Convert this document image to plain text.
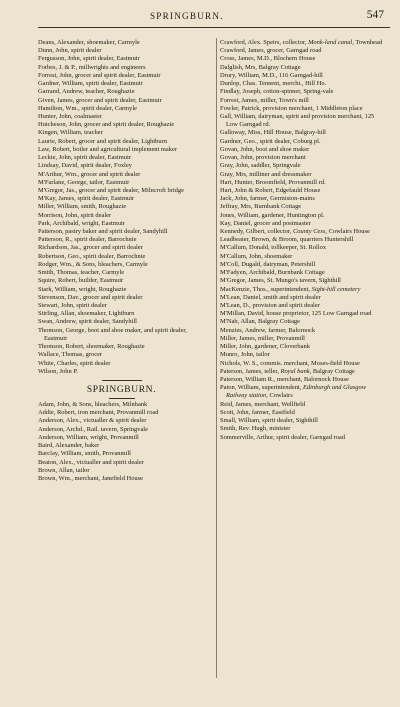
SPRINGBURN.	547
Deans, Alexander, shoemaker, Carmyle
Dunn, John, spirit dealer
Fergusson, John, spirit dealer, Eastmuir
Forbes, J. & P., millwrights and engineers
Forrest, John, grocer and spirit dealer, Eastmuir
Gardner, William, spirit dealer, Eastmuir
Garrand, Andrew, teacher, Roughazie
Given, James, grocer and spirit dealer, Eastmuir
Hamilton, Wm., spirit dealer, Carmyle
Hunter, John, coalmaster
Hutcheson, John, grocer and spirit dealer, Roughazie
Kingen, William, teacher
Laurie, Robert, grocer and spirit dealer, Lightburn
Law, Robert, boiler and agricultural implement maker
Leckie, John, spirit dealer, Eastmuir
Lindsay, David, spirit dealer, Foxley
M'Arthur, Wm., grocer and spirit dealer
M'Farlane, George, tailor, Eastmuir
M'Gregor, Jas., grocer and spirit dealer, Milncroft bridge
M'Kay, James, spirit dealer, Eastmuir
Miller, William, smith, Roughazie
Morrison, John, spirit dealer
Park, Archibald, wright, Eastmuir
Patterson, pastry baker and spirit dealer, Sandyhill
Patterson, R., spirit dealer, Barrochnie
Richardson, Jas., grocer and spirit dealer
Robertson, Geo., spirit dealer, Barrochnie
Rodger, Wm., & Sons, bleachers, Carmyle
Smith, Thomas, teacher, Carmyle
Squire, Robert, builder, Eastmuir
Stark, William, wright, Roughazie
Stevenson, Dav., grocer and spirit dealer
Stewart, John, spirit dealer
Stirling, Allan, shoemaker, Lightburn
Swan, Andrew, spirit dealer, Sandyhill
Thomson, George, boot and shoe maker, and spirit dealer, Eastmuir
Thomson, Robert, shoemaker, Roughazie
Wallace, Thomas, grocer
White, Charles, spirit dealer
Wilson, John P.
SPRINGBURN.
Adam, John, & Sons, bleachers, Milnbank
Addie, Robert, iron merchant, Provanmill road
Anderson, Alex., victualler & spirit dealer
Anderson, Archd., Rail. tavern, Springvale
Anderson, William, wright, Provanmill
Baird, Alexander, baker
Barclay, William, smith, Provanmill
Beaton, Alex., victualler and spirit dealer
Brown, Allan, tailor
Brown, Wm., merchant, Janefield House
Crawford, Alex. Speirs, collector, Monk-land canal, Townhead
Crawford, James, grocer, Garngad road
Cross, James, M.D., Blochern House
Dalglish, Mrs, Balgray Cottage
Drury, William, M.D., 116 Garngad-hill
Dunlop, Chas. Tennent, mercht., Hill Ho.
Findlay, Joseph, cotton-spinner, Spring-vale
Forrest, James, miller, Town's mill
Fowler, Patrick, provision merchant, 1 Middleton place
Gall, William, dairyman, spirit and provision merchant, 125 Low Garngad rd.
Galloway, Miss, Hill House, Balgray-hill
Gardner, Geo., spirit dealer, Coburg pl.
Govan, John, boot and shoe maker
Govan, John, provision merchant
Gray, John, saddler, Springvale
Gray, Mrs, milliner and dressmaker
Hart, Hunter, Broomfield, Provanmill rd.
Hart, John & Robert, Edgefauld House
Jack, John, farmer, Germiston-mains
Jeffray, Mrs, Burnbank Cottage
Jones, William, gardener, Huntington pl.
Kay, Daniel, grocer and postmaster
Kennedy, Gilbert, collector, County Cess, Cowlairs House
Leadbeater, Brown, & Broom, quarriers Huntershill
M'Callum, Donald, tollkeeper, St. Rollox
M'Callum, John, shoemaker
M'Coll, Dugald, dairyman, Petershill
M'Fadyen, Archibald, Burnbank Cottage
M'Gregor, James, St. Mungo's tavern, Sighthill
MacKenzie, Thos., superintendent, Sight-hill cemetery
M'Lean, Daniel, smith and spirit dealer
M'Lean, D., provision and spirit dealer
M'Millan, David, house proprietor, 125 Low Garngad road
M'Nab, Allan, Balgray Cottage
Menzies, Andrew, farmer, Balornock
Miller, James, miller, Provanmill
Miller, John, gardener, Cloverbank
Munro, John, tailor
Nichols, W. S., commis. merchant, Moses-field House
Paterson, James, teller, Royal bank, Balgray Cottage
Paterson, William R., merchant, Balornock House
Paton, William, superintendent, Edinburgh and Glasgow Railway station, Cowlairs
Reid, James, merchant, Wellfield
Scott, John, farmer, Eastfield
Small, William, spirit dealer, Sighthill
Smith, Rev. Hugh, minister
Sommerville, Arthur, spirit dealer, Garngad road
